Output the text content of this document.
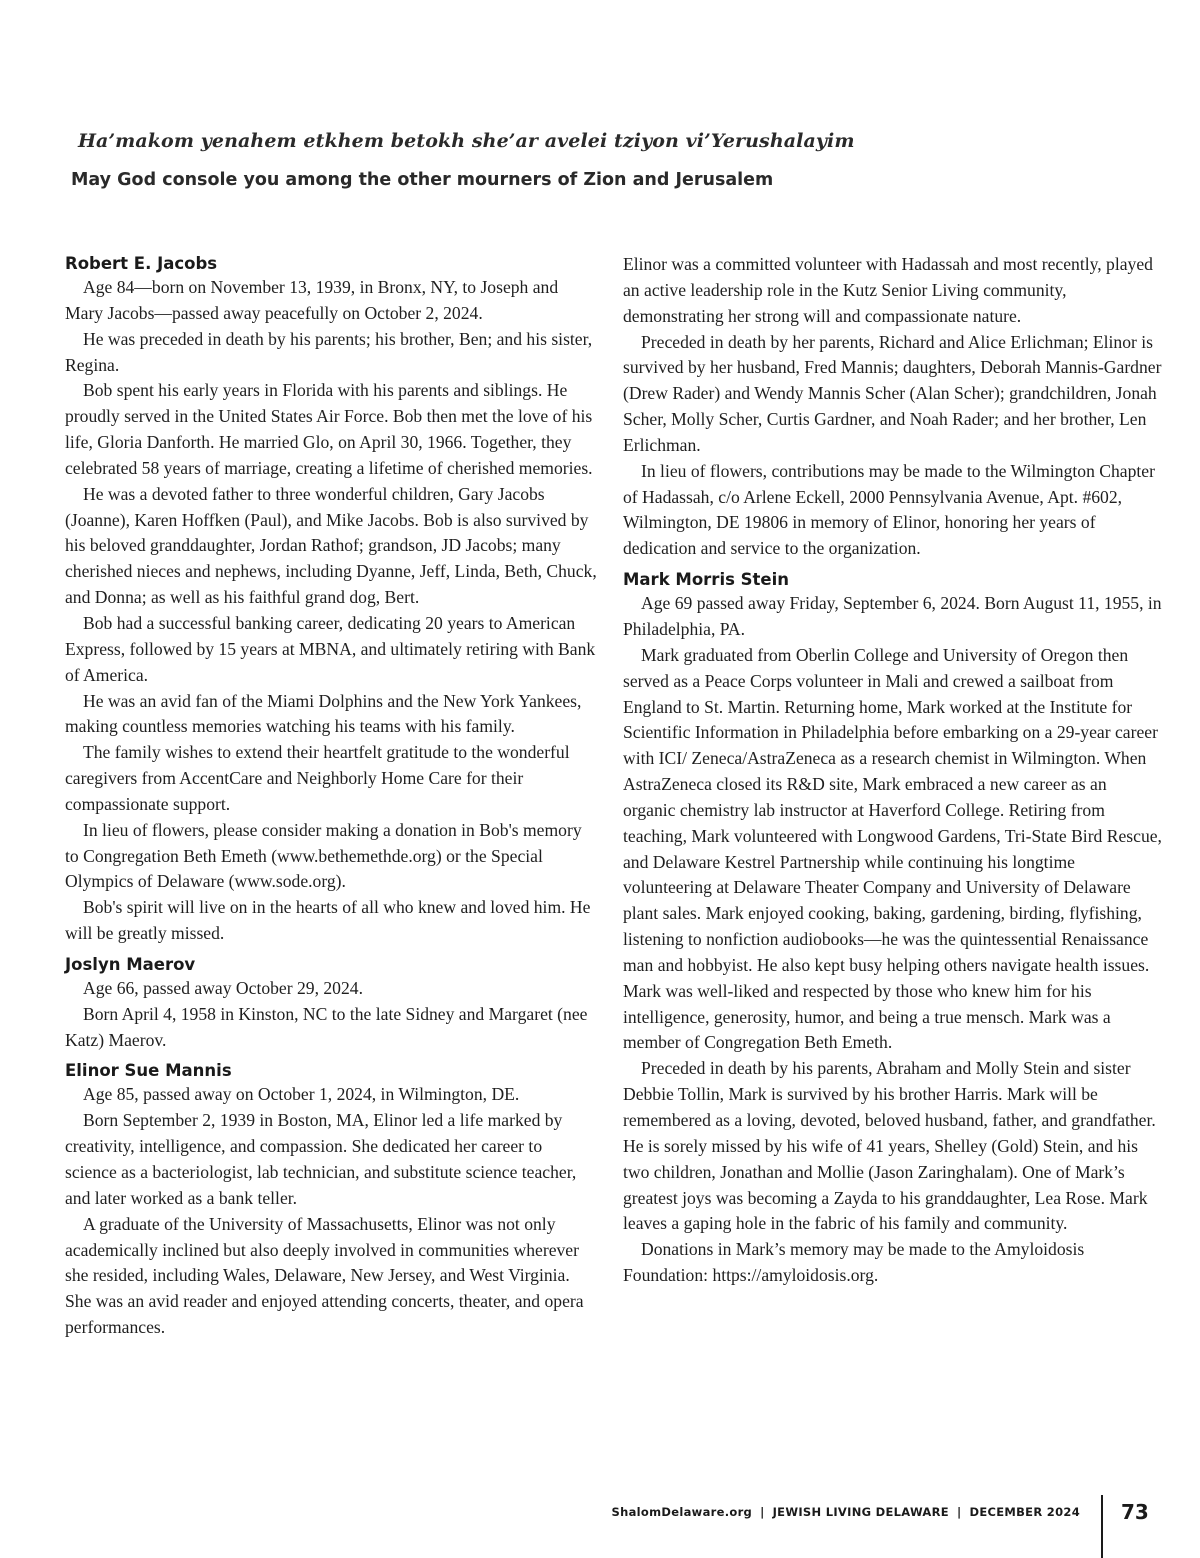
Ha’makom yenahem etkhem betokh she’ar avelei tziyon vi’Yerushalayim
May God console you among the other mourners of Zion and Jerusalem
Robert E. Jacobs

Age 84—born on November 13, 1939, in Bronx, NY, to Joseph and Mary Jacobs—passed away peacefully on October 2, 2024.

He was preceded in death by his parents; his brother, Ben; and his sister, Regina.

Bob spent his early years in Florida with his parents and siblings. He proudly served in the United States Air Force. Bob then met the love of his life, Gloria Danforth. He married Glo, on April 30, 1966. Together, they celebrated 58 years of marriage, creating a lifetime of cherished memories.

He was a devoted father to three wonderful children, Gary Jacobs (Joanne), Karen Hoffken (Paul), and Mike Jacobs. Bob is also survived by his beloved granddaughter, Jordan Rathof; grandson, JD Jacobs; many cherished nieces and nephews, including Dyanne, Jeff, Linda, Beth, Chuck, and Donna; as well as his faithful grand dog, Bert.

Bob had a successful banking career, dedicating 20 years to American Express, followed by 15 years at MBNA, and ultimately retiring with Bank of America.

He was an avid fan of the Miami Dolphins and the New York Yankees, making countless memories watching his teams with his family.

The family wishes to extend their heartfelt gratitude to the wonderful caregivers from AccentCare and Neighborly Home Care for their compassionate support.

In lieu of flowers, please consider making a donation in Bob's memory to Congregation Beth Emeth (www.bethemethde.org) or the Special Olympics of Delaware (www.sode.org).

Bob's spirit will live on in the hearts of all who knew and loved him. He will be greatly missed.

Joslyn Maerov

Age 66, passed away October 29, 2024.

Born April 4, 1958 in Kinston, NC to the late Sidney and Margaret (nee Katz) Maerov.

Elinor Sue Mannis

Age 85, passed away on October 1, 2024, in Wilmington, DE.

Born September 2, 1939 in Boston, MA, Elinor led a life marked by creativity, intelligence, and compassion. She dedicated her career to science as a bacteriologist, lab technician, and substitute science teacher, and later worked as a bank teller.

A graduate of the University of Massachusetts, Elinor was not only academically inclined but also deeply involved in communities wherever she resided, including Wales, Delaware, New Jersey, and West Virginia. She was an avid reader and enjoyed attending concerts, theater, and opera performances.

Elinor was a committed volunteer with Hadassah and most recently, played an active leadership role in the Kutz Senior Living community, demonstrating her strong will and compassionate nature.

Preceded in death by her parents, Richard and Alice Erlichman; Elinor is survived by her husband, Fred Mannis; daughters, Deborah Mannis-Gardner (Drew Rader) and Wendy Mannis Scher (Alan Scher); grandchildren, Jonah Scher, Molly Scher, Curtis Gardner, and Noah Rader; and her brother, Len Erlichman.

In lieu of flowers, contributions may be made to the Wilmington Chapter of Hadassah, c/o Arlene Eckell, 2000 Pennsylvania Avenue, Apt. #602, Wilmington, DE 19806 in memory of Elinor, honoring her years of dedication and service to the organization.

Mark Morris Stein

Age 69 passed away Friday, September 6, 2024. Born August 11, 1955, in Philadelphia, PA.

Mark graduated from Oberlin College and University of Oregon then served as a Peace Corps volunteer in Mali and crewed a sailboat from England to St. Martin. Returning home, Mark worked at the Institute for Scientific Information in Philadelphia before embarking on a 29-year career with ICI/ Zeneca/AstraZeneca as a research chemist in Wilmington. When AstraZeneca closed its R&D site, Mark embraced a new career as an organic chemistry lab instructor at Haverford College. Retiring from teaching, Mark volunteered with Longwood Gardens, Tri-State Bird Rescue, and Delaware Kestrel Partnership while continuing his longtime volunteering at Delaware Theater Company and University of Delaware plant sales. Mark enjoyed cooking, baking, gardening, birding, flyfishing, listening to nonfiction audiobooks—he was the quintessential Renaissance man and hobbyist. He also kept busy helping others navigate health issues. Mark was well-liked and respected by those who knew him for his intelligence, generosity, humor, and being a true mensch. Mark was a member of Congregation Beth Emeth.

Preceded in death by his parents, Abraham and Molly Stein and sister Debbie Tollin, Mark is survived by his brother Harris. Mark will be remembered as a loving, devoted, beloved husband, father, and grandfather. He is sorely missed by his wife of 41 years, Shelley (Gold) Stein, and his two children, Jonathan and Mollie (Jason Zaringhalam). One of Mark’s greatest joys was becoming a Zayda to his granddaughter, Lea Rose. Mark leaves a gaping hole in the fabric of his family and community.

Donations in Mark’s memory may be made to the Amyloidosis Foundation: https://amyloidosis.org.

ShalomDelaware.org | JEWISH LIVING DELAWARE | DECEMBER 2024 73
